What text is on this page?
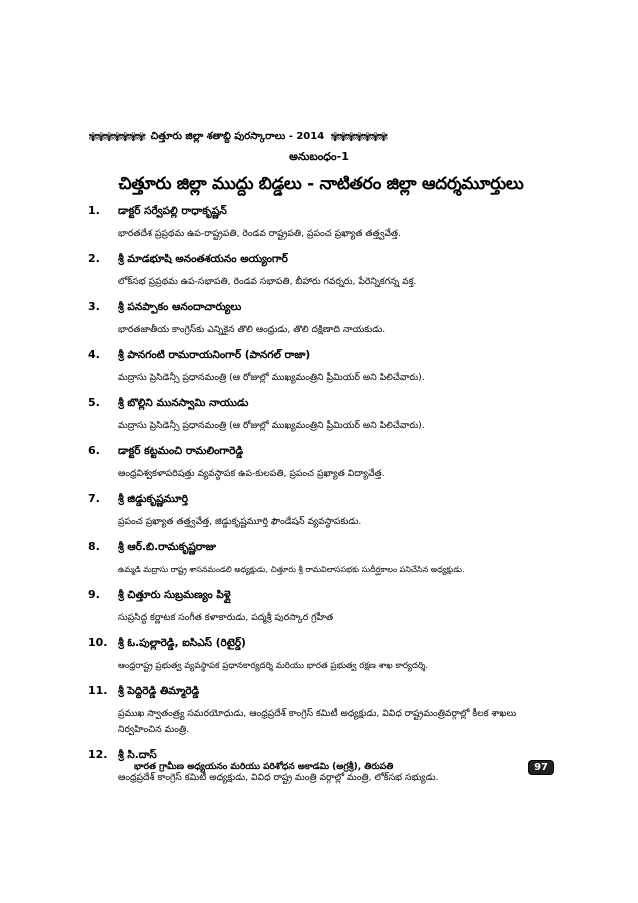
✾ ✾ ✾ ✾ ✾ ✾ ✾ చిత్తూరు జిల్లా శతాబ్ది పురస్కారాలు - 2014 ✾ ✾ ✾ ✾ ✾ ✾ ✾
అనుబంధం-1
చిత్తూరు జిల్లా ముద్దు బిడ్డలు - నాటితరం జిల్లా ఆదర్శమూర్తులు
1.	డాక్టర్ సర్వేపల్లి రాధాకృష్ణన్
భారతదేశ ప్రప్రథమ ఉప-రాష్ట్రపతి, రెండవ రాష్ట్రపతి, ప్రపంచ ప్రఖ్యాత తత్త్వవేత్త.
2.	శ్రీ మాడభూషి అనంతశయనం అయ్యంగార్
లోక్‌సభ ప్రప్రథమ ఉప-సభాపతి, రెండవ సభాపతి, బీహారు గవర్నరు, పేరెన్నికగన్న వక్త.
3.	శ్రీ పనప్పాకం ఆనందాచార్యులు
భారతజాతీయ కాంగ్రెస్‌కు ఎన్నికైన తొలి ఆంధ్రుడు, తొలి దక్షిణాది నాయకుడు.
4.	శ్రీ పానగంటి రామరాయనింగార్ (పానగల్ రాజా)
మద్రాసు ప్రెసిడెన్సీ ప్రధానమంత్రి (ఆ రోజుల్లో ముఖ్యమంత్రిని ప్రీమియర్ అని పిలిచేవారు).
5.	శ్రీ బొల్లిని మునస్వామి నాయుడు
మద్రాసు ప్రెసిడెన్సీ ప్రధానమంత్రి (ఆ రోజుల్లో ముఖ్యమంత్రిని ప్రీమియర్ అని పిలిచేవారు).
6.	డాక్టర్ కట్టమంచి రామలింగారెడ్డి
ఆంధ్రవిశ్వకళాపరిషత్తు వ్యవస్థాపక ఉప-కులపతి, ప్రపంచ ప్రఖ్యాత విద్యావేత్త.
7.	శ్రీ జిడ్డుకృష్ణమూర్తి
ప్రపంచ ప్రఖ్యాత తత్త్వవేత్త, జిడ్డుకృష్ణమూర్తి ఫౌండేషన్ వ్యవస్థాపకుడు.
8.	శ్రీ ఆర్.బి.రామకృష్ణరాజు
ఉమ్మడి మద్రాసు రాష్ట్ర శాసనమండలి అధ్యక్షుడు, చిత్తూరు శ్రీ రామవిలాససభకు సుదీర్ఘకాలం పనిచేసిన అధ్యక్షుడు.
9.	శ్రీ చిత్తూరు సుబ్రమణ్యం పిళ్లై
సుప్రసిద్ధ కర్ణాటక సంగీత కళాకారుడు, పద్మశ్రీ పురస్కార గ్రహీత
10.	శ్రీ ఓ.పుల్లారెడ్డి, ఐసిఎస్ (రిటైర్డ్)
ఆంధ్రరాష్ట్ర ప్రభుత్వ వ్యవస్థాపక ప్రధానకార్యదర్శి మరియు భారత ప్రభుత్వ రక్షణ శాఖ కార్యదర్శి.
11.	శ్రీ పెద్దిరెడ్డి తిమ్మారెడ్డి
ప్రముఖ స్వాతంత్ర్య సమరయోధుడు, ఆంధ్రప్రదేశ్ కాంగ్రెస్ కమిటీ అధ్యక్షుడు, వివిధ రాష్ట్రమంత్రివర్గాల్లో కీలక శాఖలు నిర్వహించిన మంత్రి.
12.	శ్రీ సి.దాస్
ఆంధ్రప్రదేశ్ కాంగ్రెస్ కమిటీ అధ్యక్షుడు, వివిధ రాష్ట్ర మంత్రి వర్గాల్లో మంత్రి, లోక్‌సభ సభ్యుడు.
భారత గ్రామీణ అధ్యయనం మరియు పరిశోధన అకాడమి (అగ్రశ్రీ), తిరుపతి	97
